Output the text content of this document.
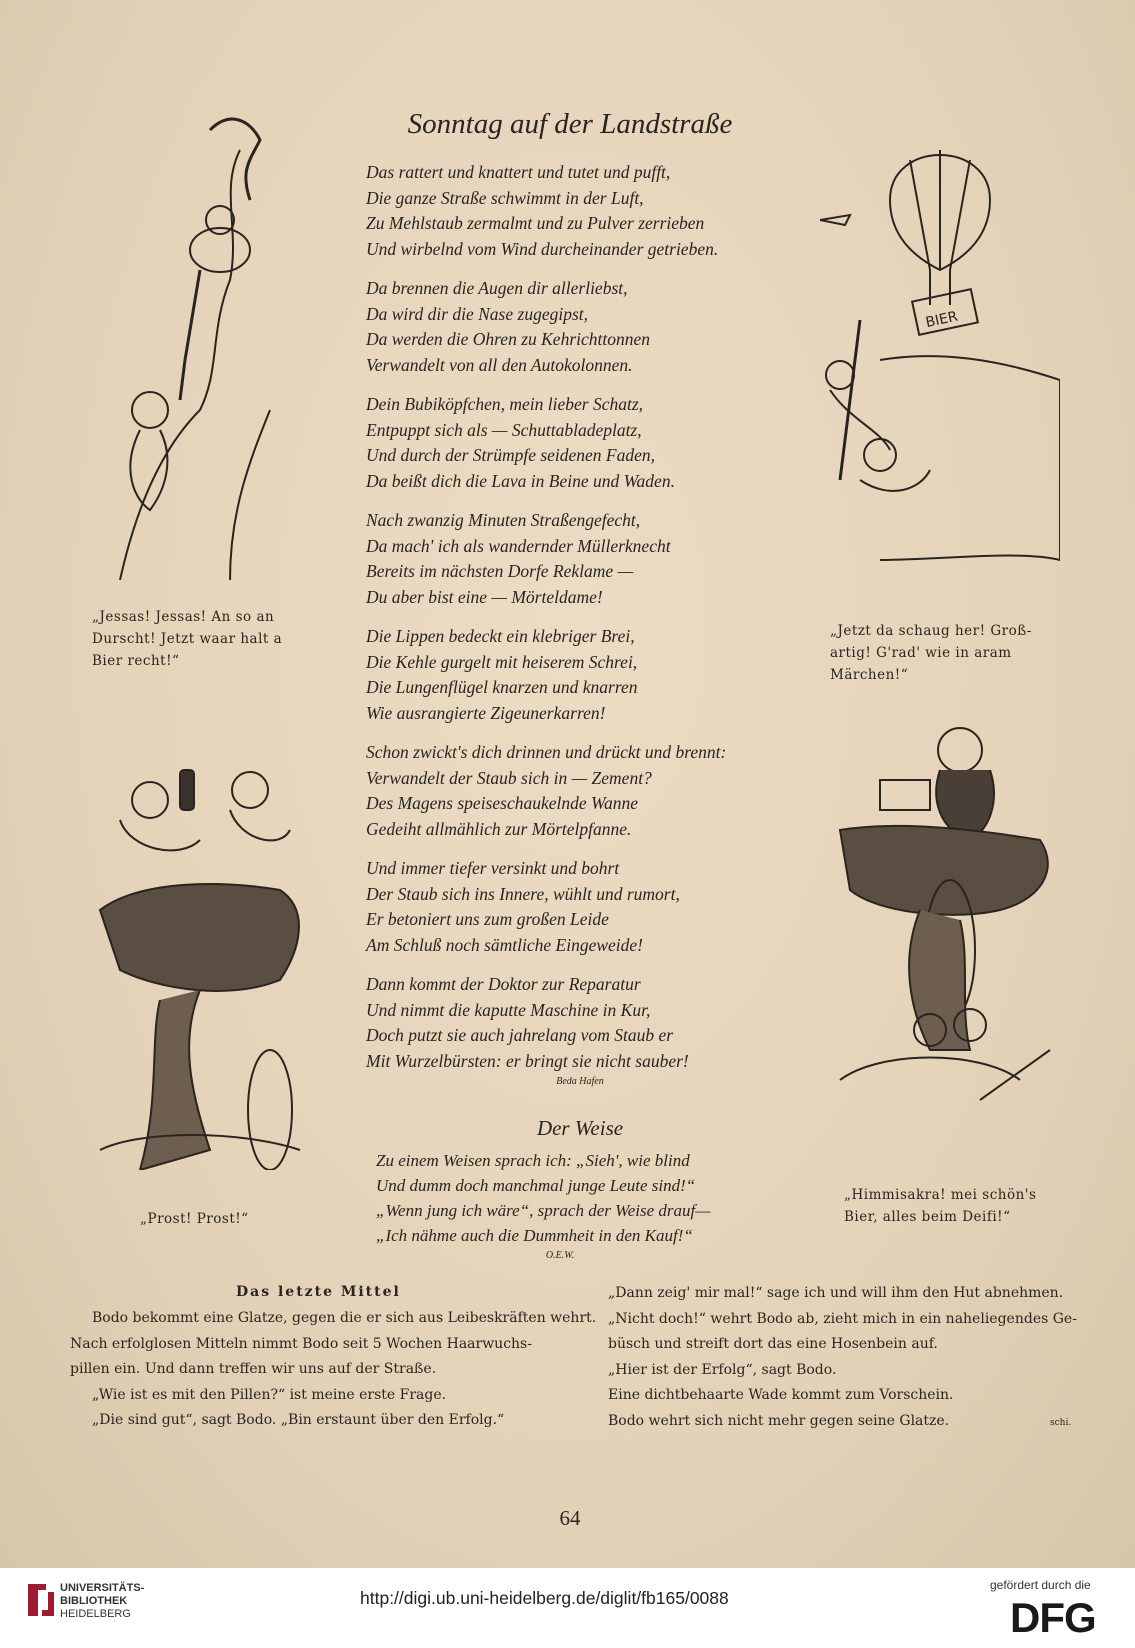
Sonntag auf der Landstraße
Das rattert und knattert und tutet und pufft,
Die ganze Straße schwimmt in der Luft,
Zu Mehlstaub zermalmt und zu Pulver zerrieben
Und wirbelnd vom Wind durcheinander getrieben.
Da brennen die Augen dir allerliebst,
Da wird dir die Nase zugegipst,
Da werden die Ohren zu Kehrichttonnen
Verwandelt von all den Autokolonnen.
Dein Bubiköpfchen, mein lieber Schatz,
Entpuppt sich als — Schuttabladeplatz,
Und durch der Strümpfe seidenen Faden,
Da beißt dich die Lava in Beine und Waden.
Nach zwanzig Minuten Straßengefecht,
Da mach' ich als wandernder Müllerknecht
Bereits im nächsten Dorfe Reklame —
Du aber bist eine — Mörteldame!
Die Lippen bedeckt ein klebriger Brei,
Die Kehle gurgelt mit heiserem Schrei,
Die Lungenflügel knarzen und knarren
Wie ausrangierte Zigeunerkarren!
Schon zwickt's dich drinnen und drückt und brennt:
Verwandelt der Staub sich in — Zement?
Des Magens speiseschaukelnde Wanne
Gedeiht allmählich zur Mörtelpfanne.
Und immer tiefer versinkt und bohrt
Der Staub sich ins Innere, wühlt und rumort,
Er betoniert uns zum großen Leide
Am Schluß noch sämtliche Eingeweide!
Dann kommt der Doktor zur Reparatur
Und nimmt die kaputte Maschine in Kur,
Doch putzt sie auch jahrelang vom Staub er
Mit Wurzelbürsten: er bringt sie nicht sauber!
Beda Hafen
Der Weise
Zu einem Weisen sprach ich: „Sieh', wie blind
Und dumm doch manchmal junge Leute sind!“
„Wenn jung ich wäre“, sprach der Weise drauf—
„Ich nähme auch die Dummheit in den Kauf!“
O.E.W.
„Jessas! Jessas! An so an
Durscht! Jetzt waar halt a
Bier recht!“
„Jetzt da schaug her! Groß-
artig! G'rad' wie in aram
Märchen!“
„Prost! Prost!“
„Himmisakra! mei schön's
Bier, alles beim Deifi!“
BIER
Das letzte Mittel
Bodo bekommt eine Glatze, gegen die er sich aus Leibeskräften wehrt.
Nach erfolglosen Mitteln nimmt Bodo seit 5 Wochen Haarwuchs-
pillen ein. Und dann treffen wir uns auf der Straße.
„Wie ist es mit den Pillen?“ ist meine erste Frage.
„Die sind gut“, sagt Bodo. „Bin erstaunt über den Erfolg.“
„Dann zeig' mir mal!“ sage ich und will ihm den Hut abnehmen.
„Nicht doch!“ wehrt Bodo ab, zieht mich in ein naheliegendes Ge-
büsch und streift dort das eine Hosenbein auf.
„Hier ist der Erfolg“, sagt Bodo.
Eine dichtbehaarte Wade kommt zum Vorschein.
Bodo wehrt sich nicht mehr gegen seine Glatze.	schi.
64
UNIVERSITÄTS-
BIBLIOTHEK
HEIDELBERG
http://digi.ub.uni-heidelberg.de/diglit/fb165/0088
gefördert durch die
DFG
